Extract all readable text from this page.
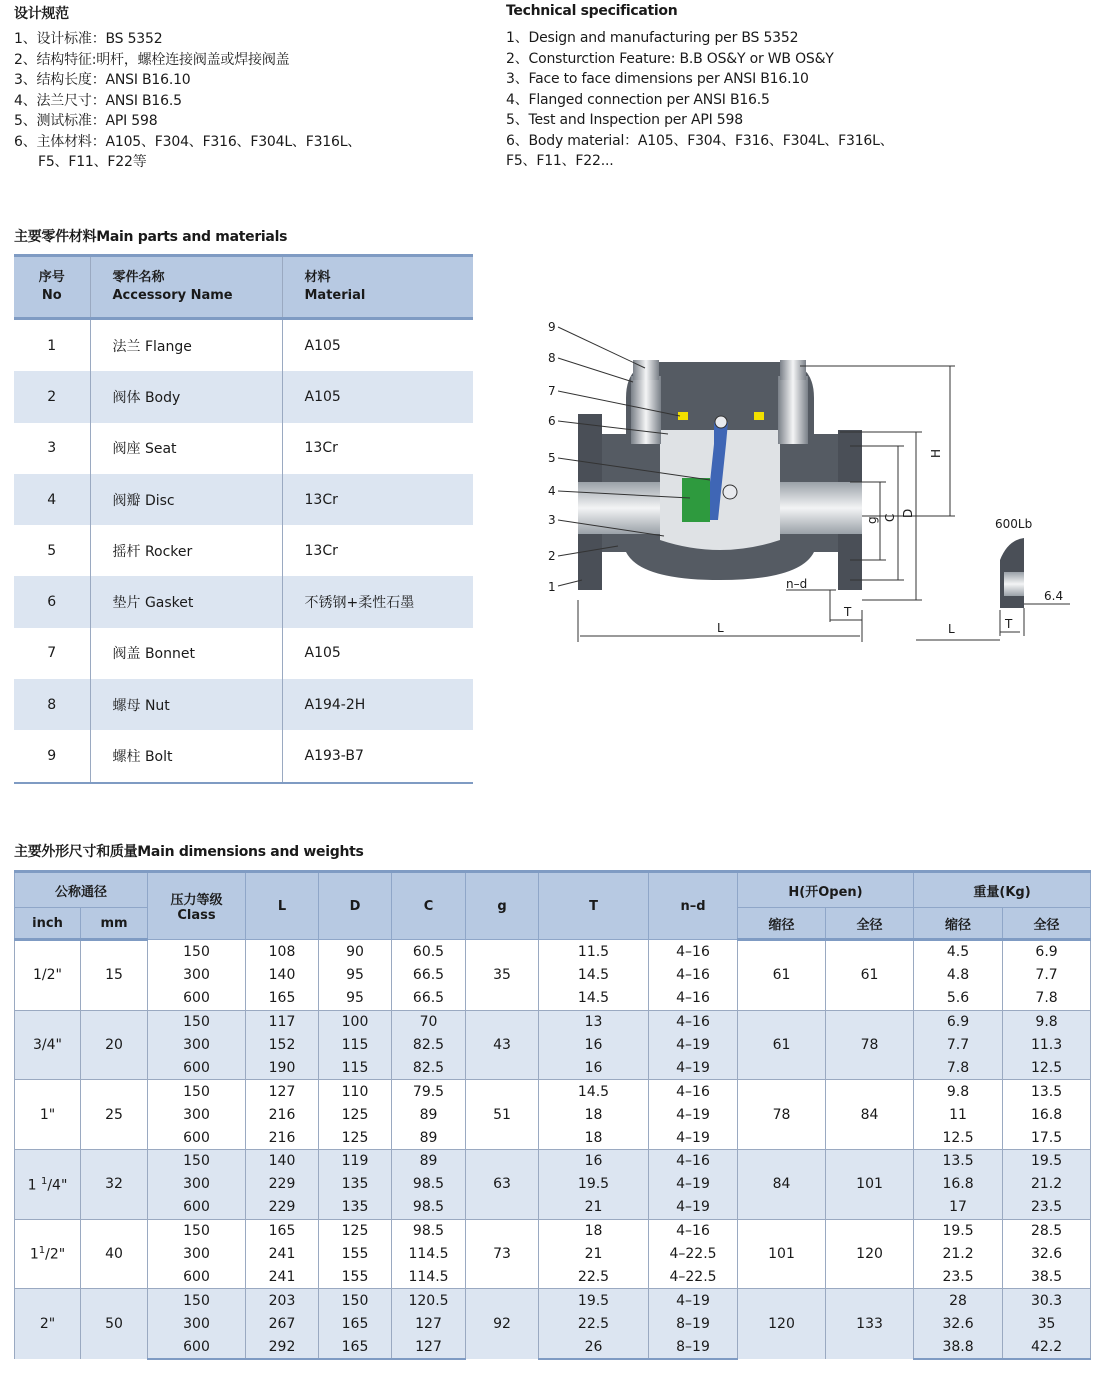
设计规范
1、设计标准：BS 5352
2、结构特征:明杆，螺栓连接阀盖或焊接阀盖
3、结构长度：ANSI B16.10
4、法兰尺寸：ANSI B16.5
5、测试标准：API 598
6、主体材料：A105、F304、F316、F304L、F316L、
F5、F11、F22等
Technical specification
1、Design and manufacturing per BS 5352
2、Consturction Feature: B.B OS&Y or WB OS&Y
3、Face to face dimensions per ANSI B16.10
4、Flanged connection per ANSI B16.5
5、Test and Inspection per API 598
6、Body material：A105、F304、F316、F304L、F316L、
F5、F11、F22...
主要零件材料Main parts and materials
序号
No	零件名称
Accessory Name	材料
Material
1	法兰 Flange	A105
2	阀体 Body	A105
3	阀座 Seat	13Cr
4	阀瓣 Disc	13Cr
5	摇杆 Rocker	13Cr
6	垫片 Gasket	不锈钢+柔性石墨
7	阀盖 Bonnet	A105
8	螺母 Nut	A194-2H
9	螺柱 Bolt	A193-B7
9
8
7
6
5
4
3
2
1
H
D
C
g
L
T
n–d
600Lb
6.4
L	T
主要外形尺寸和质量Main dimensions and weights
公称通径		压力等级
Class	L	D	C	g	T	n–d	H(开Open)		重量(Kg)	
inch	mm								缩径	全径	缩径	全径
1/2"	15	150	108	90	60.5	35	11.5	4–16	61	61	4.5	6.9
		300	140	95	66.5		14.5	4–16			4.8	7.7
		600	165	95	66.5		14.5	4–16			5.6	7.8
3/4"	20	150	117	100	70	43	13	4–16	61	78	6.9	9.8
		300	152	115	82.5		16	4–19			7.7	11.3
		600	190	115	82.5		16	4–19			7.8	12.5
1"	25	150	127	110	79.5	51	14.5	4–16	78	84	9.8	13.5
		300	216	125	89		18	4–19			11	16.8
		600	216	125	89		18	4–19			12.5	17.5
1 $^1$/4"	32	150	140	119	89	63	16	4–16	84	101	13.5	19.5
		300	229	135	98.5		19.5	4–19			16.8	21.2
		600	229	135	98.5		21	4–19			17	23.5
$1^1/2$"	40	150	165	125	98.5	73	18	4–16	101	120	19.5	28.5
		300	241	155	114.5		21	4–22.5			21.2	32.6
		600	241	155	114.5		22.5	4–22.5			23.5	38.5
2"	50	150	203	150	120.5	92	19.5	4–19	120	133	28	30.3
		300	267	165	127		22.5	8–19			32.6	35
		600	292	165	127		26	8–19			38.8	42.2
